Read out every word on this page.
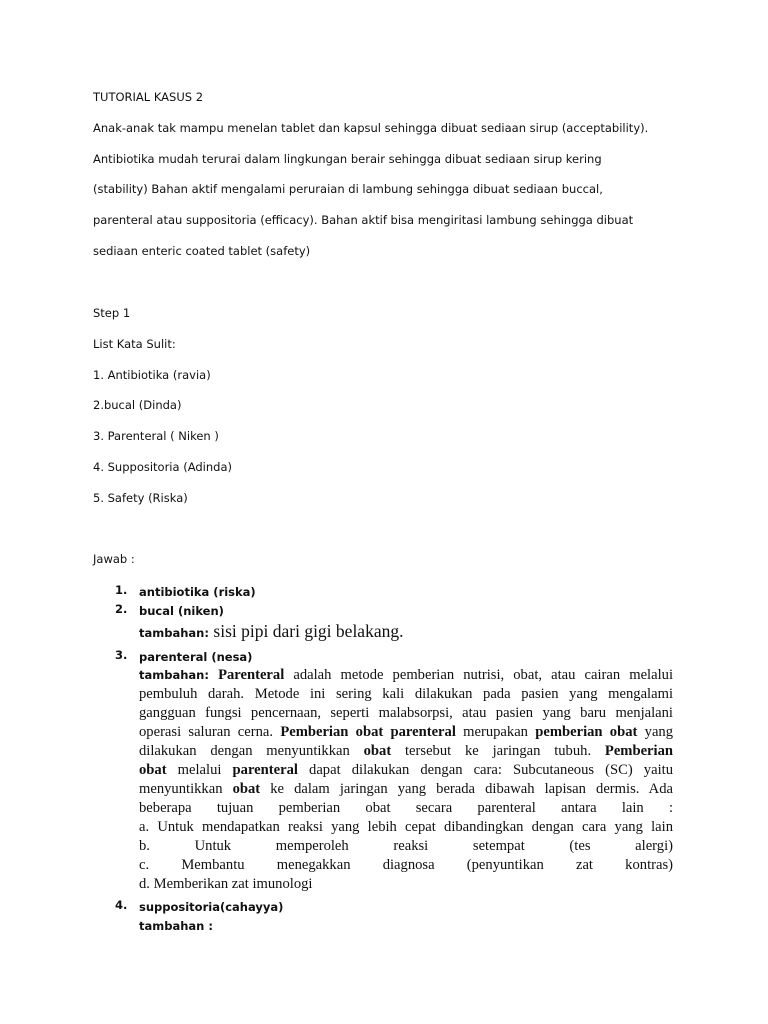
TUTORIAL KASUS 2
Anak-anak tak mampu menelan tablet dan kapsul sehingga dibuat sediaan sirup (acceptability).
Antibiotika mudah terurai dalam lingkungan berair sehingga dibuat sediaan sirup kering
(stability) Bahan aktif mengalami peruraian di lambung sehingga dibuat sediaan buccal,
parenteral atau suppositoria (efficacy). Bahan aktif bisa mengiritasi lambung sehingga dibuat
sediaan enteric coated tablet (safety)
Step 1
List Kata Sulit:
1. Antibiotika (ravia)
2.bucal (Dinda)
3. Parenteral ( Niken )
4. Suppositoria (Adinda)
5. Safety (Riska)
Jawab :
1. antibiotika (riska)
2. bucal (niken)
tambahan: sisi pipi dari gigi belakang.
3. parenteral (nesa)
tambahan: Parenteral adalah metode pemberian nutrisi, obat, atau cairan melalui
pembuluh darah. Metode ini sering kali dilakukan pada pasien yang mengalami
gangguan fungsi pencernaan, seperti malabsorpsi, atau pasien yang baru menjalani
operasi saluran cerna. Pemberian obat parenteral merupakan pemberian obat yang
dilakukan dengan menyuntikkan obat tersebut ke jaringan tubuh. Pemberian
obat melalui parenteral dapat dilakukan dengan cara: Subcutaneous (SC) yaitu
menyuntikkan obat ke dalam jaringan yang berada dibawah lapisan dermis. Ada
beberapa tujuan pemberian obat secara parenteral antara lain :
a. Untuk mendapatkan reaksi yang lebih cepat dibandingkan dengan cara yang lain
b. Untuk memperoleh reaksi setempat (tes alergi)
c. Membantu menegakkan diagnosa (penyuntikan zat kontras)
d. Memberikan zat imunologi
4. suppositoria(cahayya)
tambahan :
